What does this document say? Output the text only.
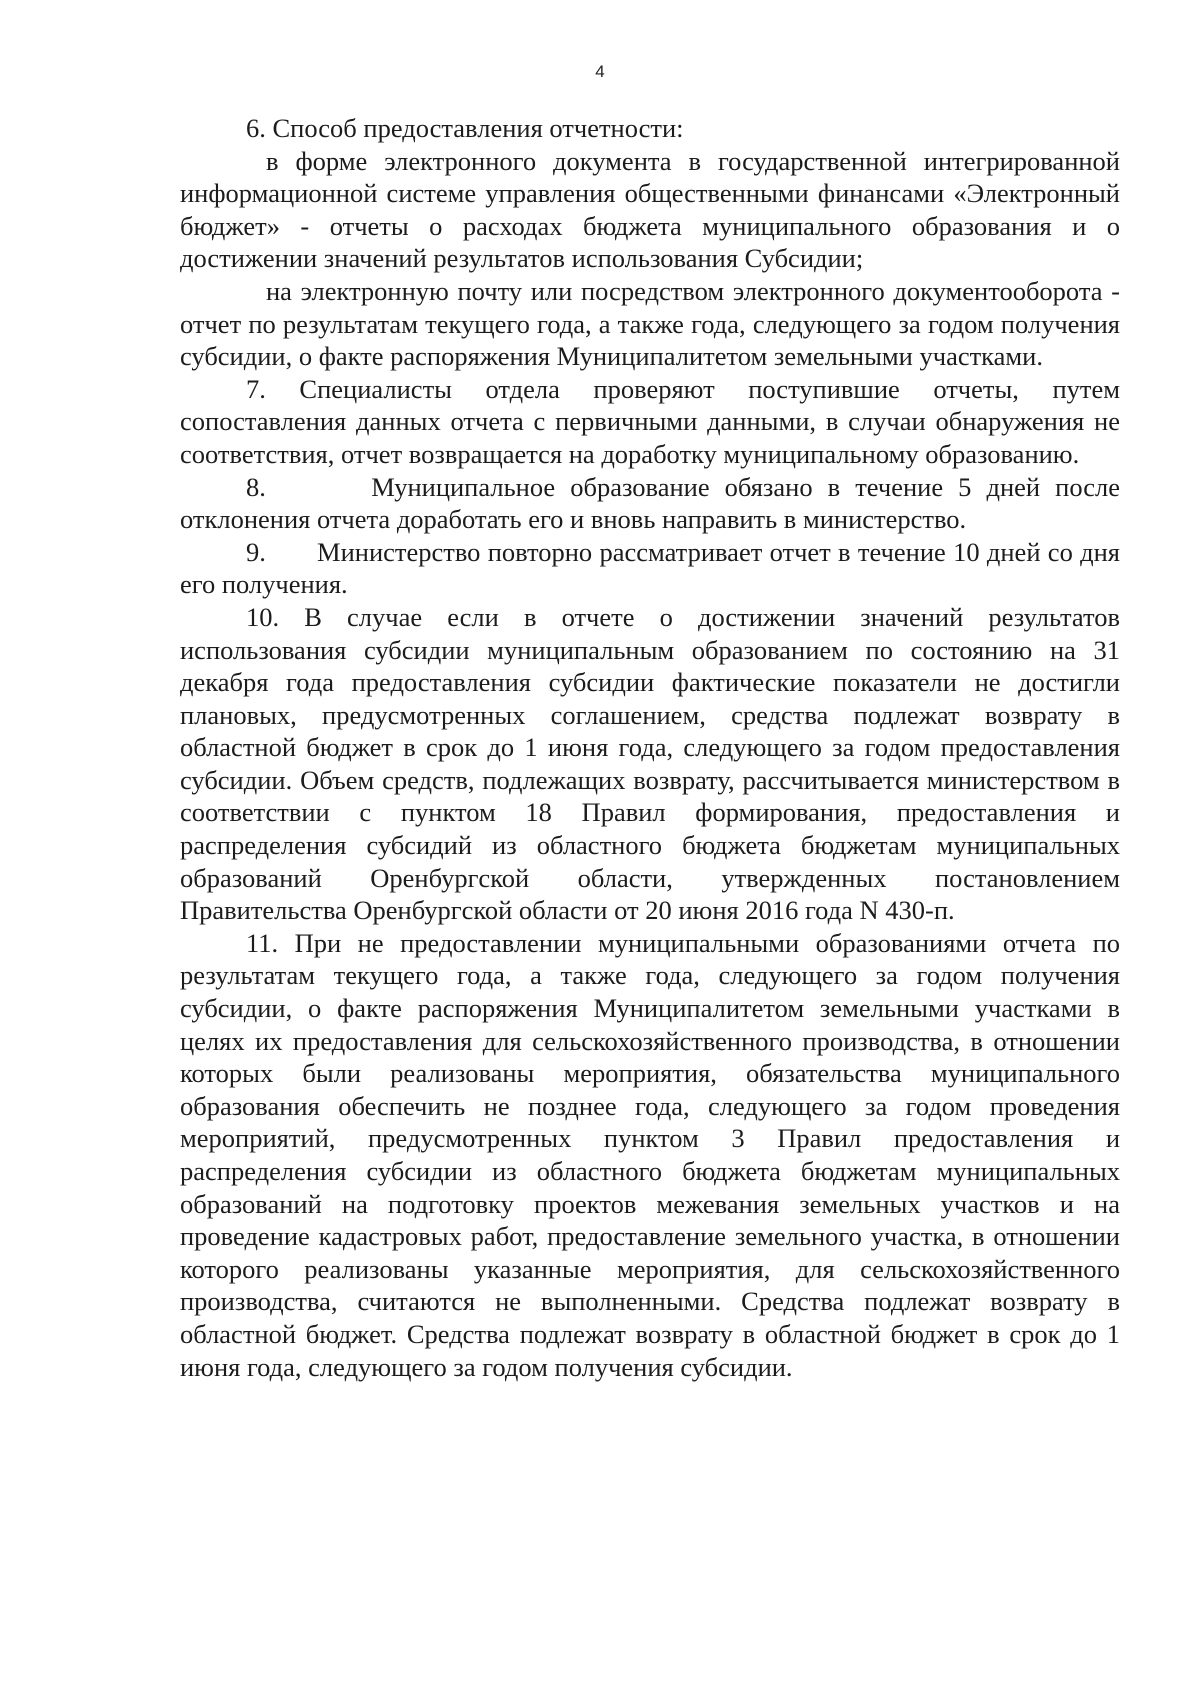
4

6. Способ предоставления отчетности:

в форме электронного документа в государственной интегрированной информационной системе управления общественными финансами «Электронный бюджет» - отчеты о расходах бюджета муниципального образования и о достижении значений результатов использования Субсидии;

на электронную почту или посредством электронного документооборота - отчет по результатам текущего года, а также года, следующего за годом получения субсидии, о факте распоряжения Муниципалитетом земельными участками.

7. Специалисты отдела проверяют поступившие отчеты, путем сопоставления данных отчета с первичными данными, в случаи обнаружения не соответствия, отчет возвращается на доработку муниципальному образованию.

8.       Муниципальное образование обязано в течение 5 дней после отклонения отчета доработать его и вновь направить в министерство.

9.       Министерство повторно рассматривает отчет в течение 10 дней со дня его получения.

10. В случае если в отчете о достижении значений результатов использования субсидии муниципальным образованием по состоянию на 31 декабря года предоставления субсидии фактические показатели не достигли плановых, предусмотренных соглашением, средства подлежат возврату в областной бюджет в срок до 1 июня года, следующего за годом предоставления субсидии. Объем средств, подлежащих возврату, рассчитывается министерством в соответствии с пунктом 18 Правил формирования, предоставления и распределения субсидий из областного бюджета бюджетам муниципальных образований Оренбургской области, утвержденных постановлением Правительства Оренбургской области от 20 июня 2016 года N 430-п.

11. При не предоставлении муниципальными образованиями отчета по результатам текущего года, а также года, следующего за годом получения субсидии, о факте распоряжения Муниципалитетом земельными участками в целях их предоставления для сельскохозяйственного производства, в отношении которых были реализованы мероприятия, обязательства муниципального образования обеспечить не позднее года, следующего за годом проведения мероприятий, предусмотренных пунктом 3 Правил предоставления и распределения субсидии из областного бюджета бюджетам муниципальных образований на подготовку проектов межевания земельных участков и на проведение кадастровых работ, предоставление земельного участка, в отношении которого реализованы указанные мероприятия, для сельскохозяйственного производства, считаются не выполненными. Средства подлежат возврату в областной бюджет. Средства подлежат возврату в областной бюджет в срок до 1 июня года, следующего за годом получения субсидии.
